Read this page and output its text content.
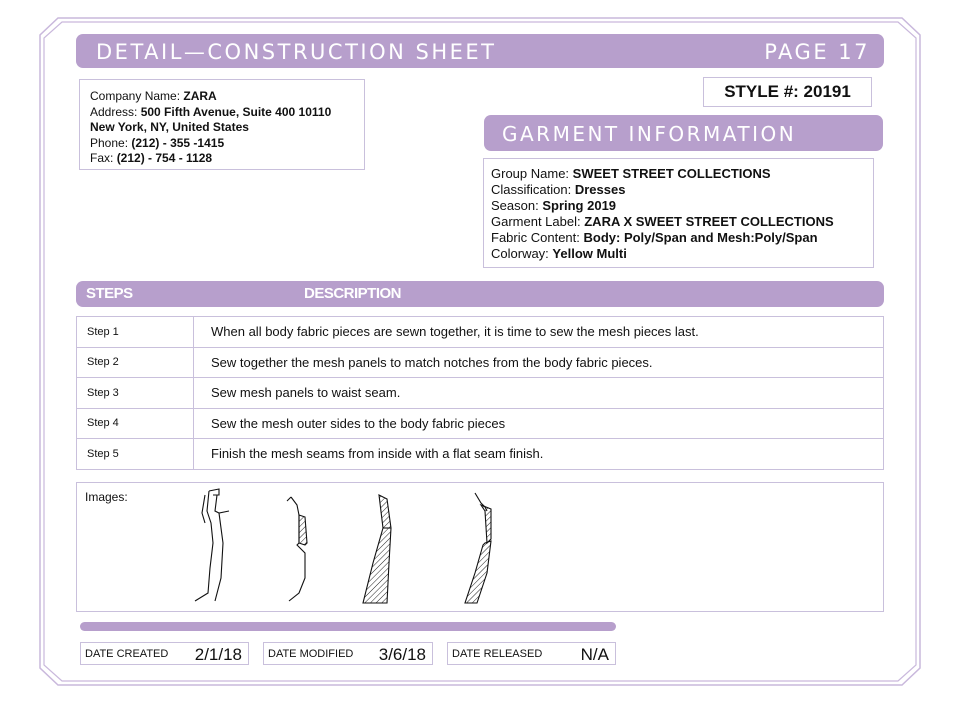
DETAIL—CONSTRUCTION SHEET	PAGE 17
Company Name: ZARA
Address: 500 Fifth Avenue, Suite 400 10110
New York, NY, United States
Phone: (212) - 355 -1415
Fax: (212) - 754 - 1128
STYLE #: 20191
GARMENT INFORMATION
Group Name: SWEET STREET COLLECTIONS
Classification: Dresses
Season: Spring 2019
Garment Label: ZARA X SWEET STREET COLLECTIONS
Fabric Content: Body: Poly/Span and Mesh:Poly/Span
Colorway: Yellow Multi
STEPS	DESCRIPTION
Step 1	When all body fabric pieces are sewn together, it is time to sew the mesh pieces last.
Step 2	Sew together the mesh panels to match notches from the body fabric pieces.
Step 3	Sew mesh panels to waist seam.
Step 4	Sew the mesh outer sides to the body fabric pieces
Step 5	Finish the mesh seams from inside with a flat seam finish.
Images:
DATE CREATED 2/1/18 DATE MODIFIED 3/6/18 DATE RELEASED N/A
